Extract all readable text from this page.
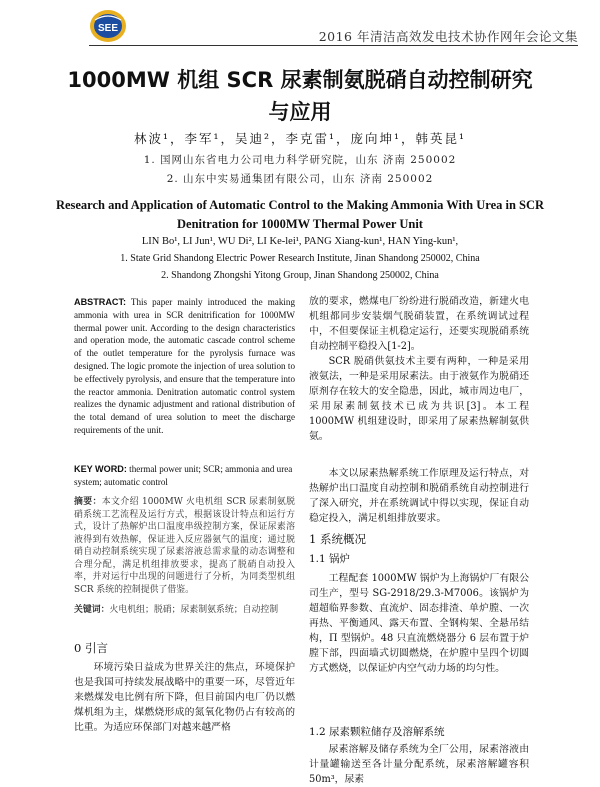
SEE
2016 年清洁高效发电技术协作网年会论文集
1000MW 机组 SCR 尿素制氨脱硝自动控制研究与应用
林波¹，李军¹，吴迪²，李克雷¹，庞向坤¹，韩英昆¹
1. 国网山东省电力公司电力科学研究院，山东 济南 250002
2. 山东中实易通集团有限公司，山东 济南 250002
Research and Application of Automatic Control to the Making Ammonia With Urea in SCR Denitration for 1000MW Thermal Power Unit
LIN Bo¹, LI Jun¹, WU Di², LI Ke-lei¹, PANG Xiang-kun¹, HAN Ying-kun¹,
1. State Grid Shandong Electric Power Research Institute, Jinan Shandong 250002, China
2. Shandong Zhongshi Yitong Group, Jinan Shandong 250002, China
ABSTRACT: This paper mainly introduced the making ammonia with urea in SCR denitrification for 1000MW thermal power unit. According to the design characteristics and operation mode, the automatic cascade control scheme of the outlet temperature for the pyrolysis furnace was designed. The logic promote the injection of urea solution to be effectively pyrolysis, and ensure that the temperature into the reactor ammonia. Denitration automatic control system realizes the dynamic adjustment and rational distribution of the total demand of urea solution to meet the discharge requirements of the unit.
KEY WORD: thermal power unit; SCR; ammonia and urea system; automatic control
摘要：本文介绍 1000MW 火电机组 SCR 尿素制氨脱硝系统工艺流程及运行方式，根据该设计特点和运行方式，设计了热解炉出口温度串级控制方案，保证尿素溶液得到有效热解，保证进入反应器氨气的温度；通过脱硝自动控制系统实现了尿素溶液总需求量的动态调整和合理分配，满足机组排放要求，提高了脱硝自动投入率，并对运行中出现的问题进行了分析，为同类型机组 SCR 系统的控制提供了借鉴。
关键词：火电机组；脱硝；尿素制氨系统；自动控制
0 引言
环境污染日益成为世界关注的焦点，环境保护也是我国可持续发展战略中的重要一环，尽管近年来燃煤发电比例有所下降，但目前国内电厂仍以燃煤机组为主，煤燃烧形成的氮氧化物仍占有较高的比重。为适应环保部门对越来越严格
放的要求，燃煤电厂纷纷进行脱硝改造，新建火电机组都同步安装烟气脱硝装置，在系统调试过程中，不但要保证主机稳定运行，还要实现脱硝系统自动控制平稳投入[1-2]。
SCR 脱硝供氨技术主要有两种，一种是采用液氨法，一种是采用尿素法。由于液氨作为脱硝还原剂存在较大的安全隐患，因此，城市周边电厂，采用尿素制氨技术已成为共识[3]。本工程 1000MW 机组建设时，即采用了尿素热解制氨供氨。
本文以尿素热解系统工作原理及运行特点，对热解炉出口温度自动控制和脱硝系统自动控制进行了深入研究，并在系统调试中得以实现，保证自动稳定投入，满足机组排放要求。
1 系统概况
1.1 锅炉
工程配套 1000MW 锅炉为上海锅炉厂有限公司生产，型号 SG-2918/29.3-M7006。该锅炉为超超临界参数、直流炉、固态排渣、单炉膛、一次再热、平衡通风、露天布置、全钢构架、全悬吊结构，Π 型锅炉。48 只直流燃烧器分 6 层布置于炉膛下部，四面墙式切圆燃烧，在炉膛中呈四个切圆方式燃烧，以保证炉内空气动力场的均匀性。
1.2 尿素颗粒储存及溶解系统
尿素溶解及储存系统为全厂公用，尿素溶液由计量罐输送至各计量分配系统，尿素溶解罐容积 50m³，尿素
